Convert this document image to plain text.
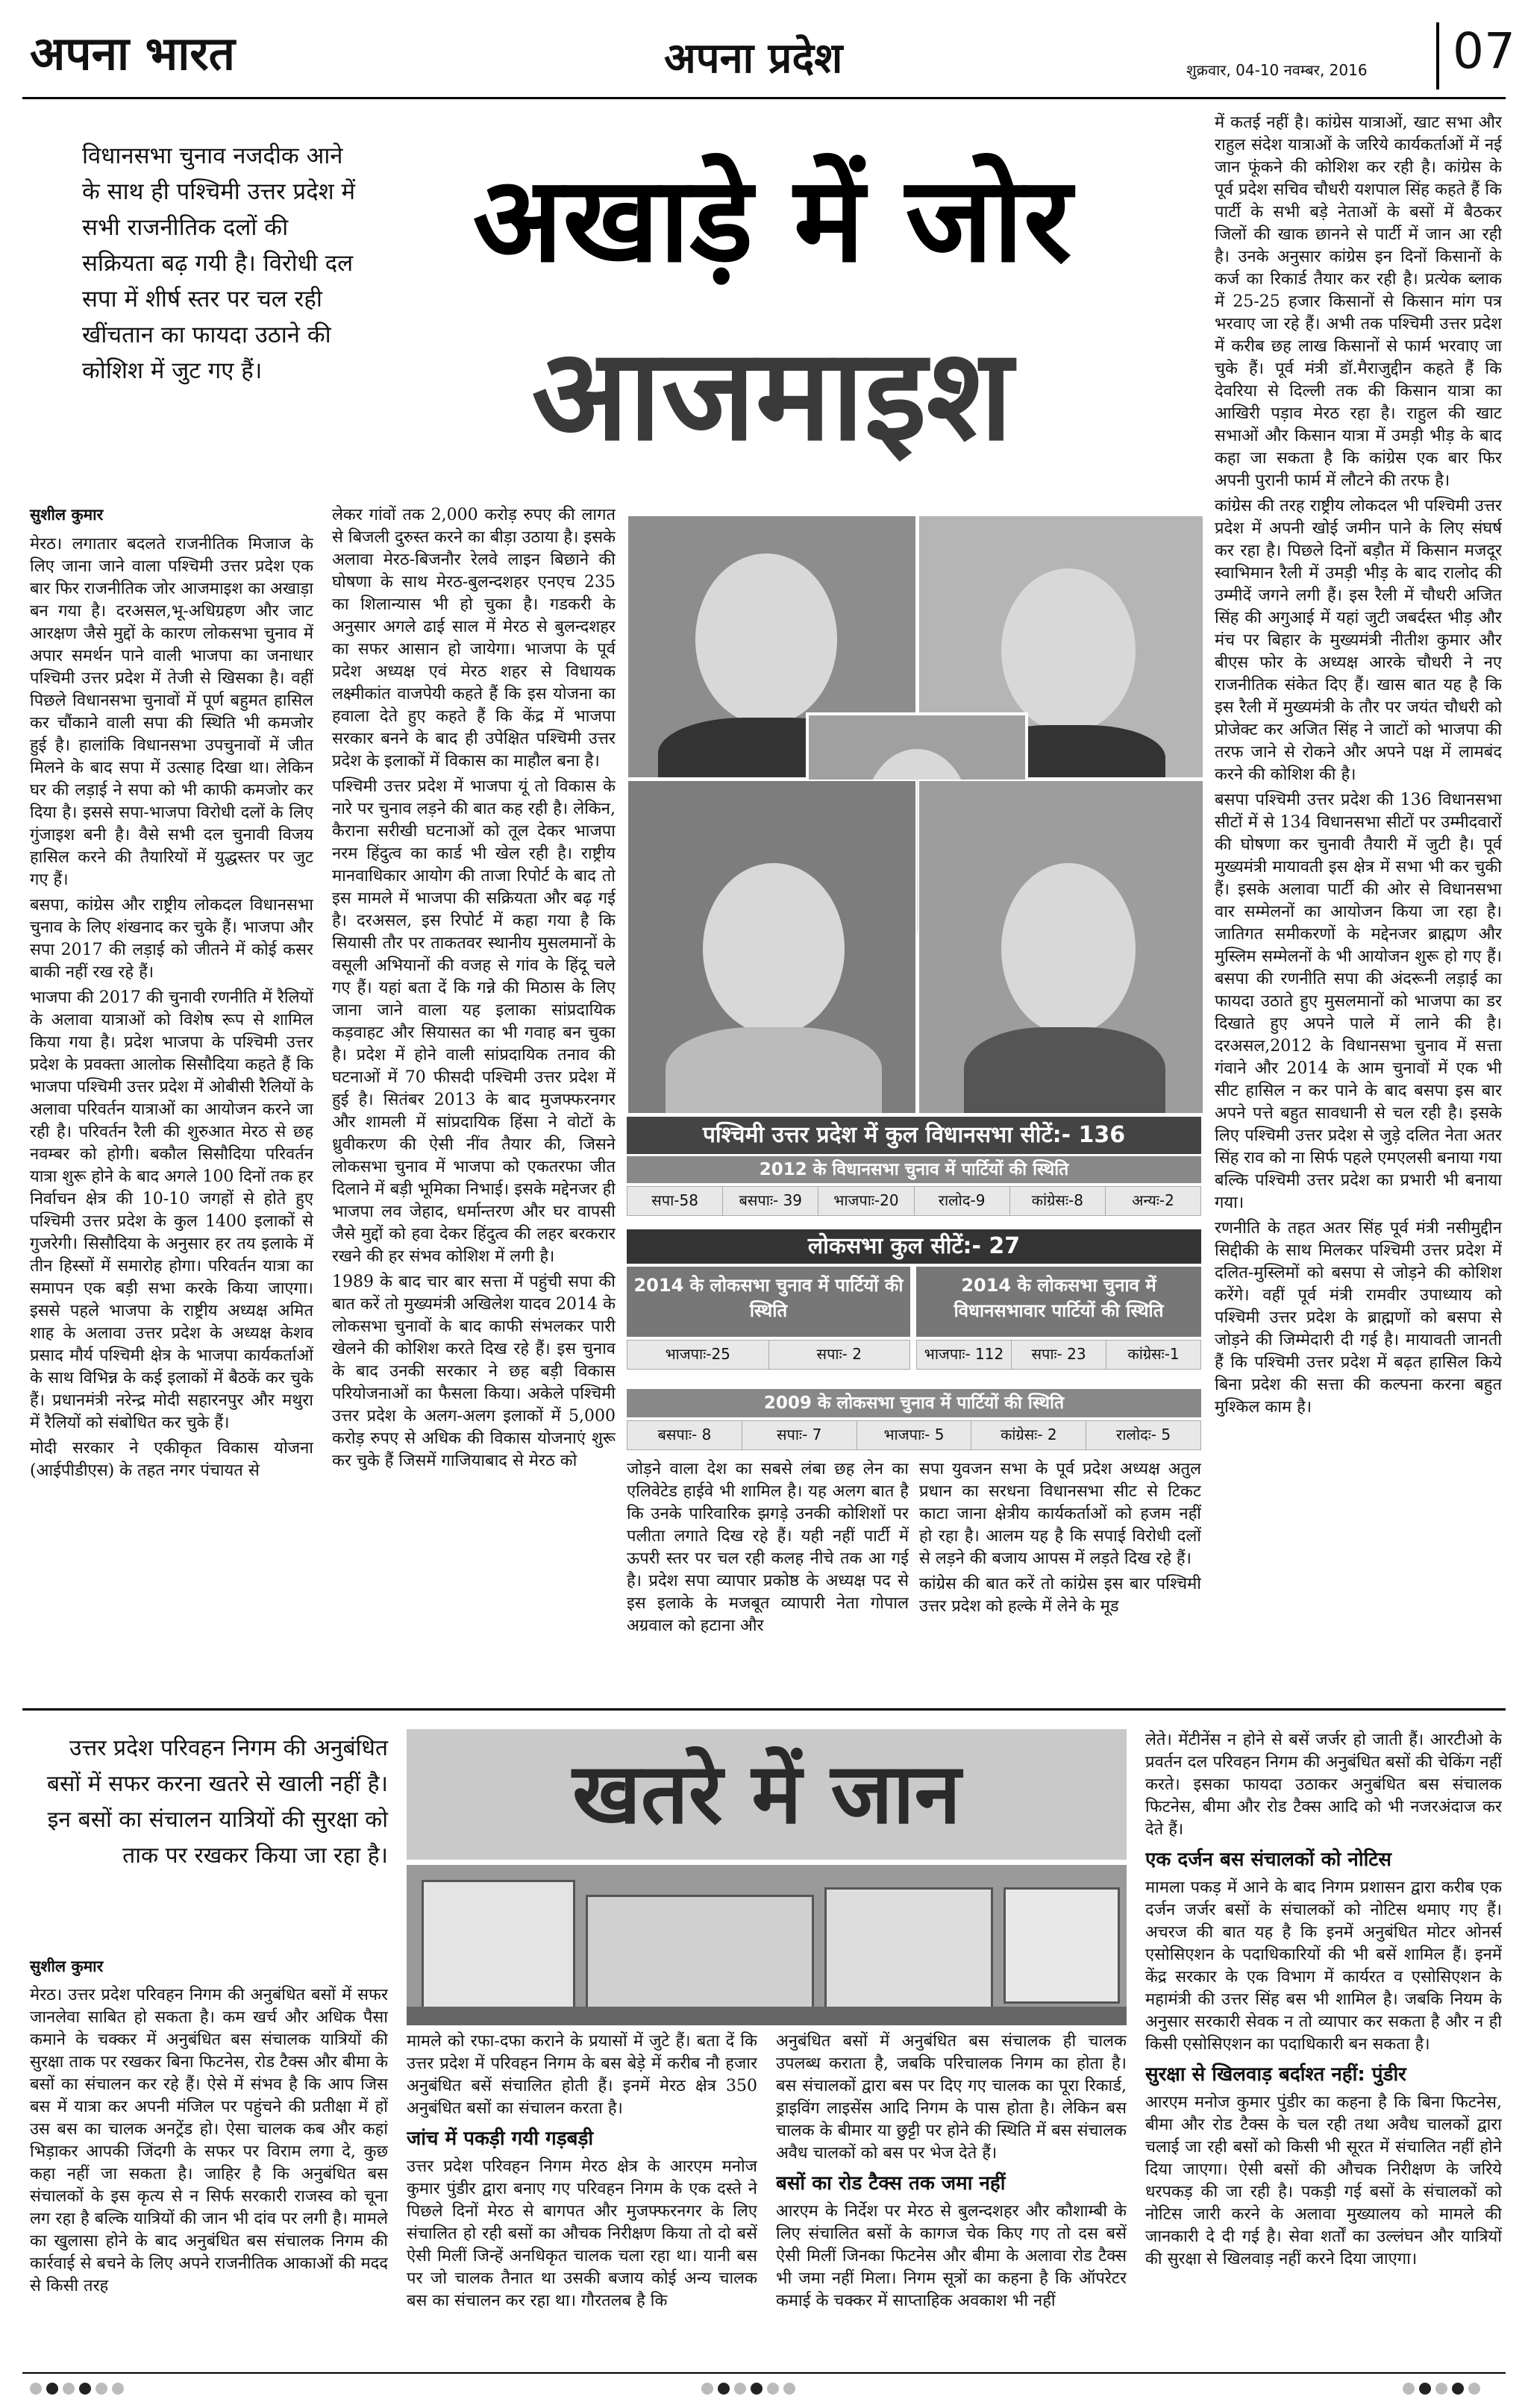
अपना भारत	अपना प्रदेश	शुक्रवार, 04-10 नवम्बर, 2016	07
विधानसभा चुनाव नजदीक आने के साथ ही पश्चिमी उत्तर प्रदेश में सभी राजनीतिक दलों की सक्रियता बढ़ गयी है। विरोधी दल सपा में शीर्ष स्तर पर चल रही खींचतान का फायदा उठाने की कोशिश में जुट गए हैं।
अखाड़े में जोर
आजमाइश
सुशील कुमार

मेरठ। लगातार बदलते राजनीतिक मिजाज के लिए जाना जाने वाला पश्चिमी उत्तर प्रदेश एक बार फिर राजनीतिक जोर आजमाइश का अखाड़ा बन गया है। दरअसल,भू-अधिग्रहण और जाट आरक्षण जैसे मुद्दों के कारण लोकसभा चुनाव में अपार समर्थन पाने वाली भाजपा का जनाधार पश्चिमी उत्तर प्रदेश में तेजी से खिसका है। वहीं पिछले विधानसभा चुनावों में पूर्ण बहुमत हासिल कर चौंकाने वाली सपा की स्थिति भी कमजोर हुई है। हालांकि विधानसभा उपचुनावों में जीत मिलने के बाद सपा में उत्साह दिखा था। लेकिन घर की लड़ाई ने सपा को भी काफी कमजोर कर दिया है। इससे सपा-भाजपा विरोधी दलों के लिए गुंजाइश बनी है। वैसे सभी दल चुनावी विजय हासिल करने की तैयारियों में युद्धस्तर पर जुट गए हैं।

बसपा, कांग्रेस और राष्ट्रीय लोकदल विधानसभा चुनाव के लिए शंखनाद कर चुके हैं। भाजपा और सपा 2017 की लड़ाई को जीतने में कोई कसर बाकी नहीं रख रहे हैं।

भाजपा की 2017 की चुनावी रणनीति में रैलियों के अलावा यात्राओं को विशेष रूप से शामिल किया गया है। प्रदेश भाजपा के पश्चिमी उत्तर प्रदेश के प्रवक्ता आलोक सिसौदिया कहते हैं कि भाजपा पश्चिमी उत्तर प्रदेश में ओबीसी रैलियों के अलावा परिवर्तन यात्राओं का आयोजन करने जा रही है। परिवर्तन रैली की शुरुआत मेरठ से छह नवम्बर को होगी। बकौल सिसौदिया परिवर्तन यात्रा शुरू होने के बाद अगले 100 दिनों तक हर निर्वाचन क्षेत्र की 10-10 जगहों से होते हुए पश्चिमी उत्तर प्रदेश के कुल 1400 इलाकों से गुजरेगी। सिसौदिया के अनुसार हर तय इलाके में तीन हिस्सों में समारोह होगा। परिवर्तन यात्रा का समापन एक बड़ी सभा करके किया जाएगा। इससे पहले भाजपा के राष्ट्रीय अध्यक्ष अमित शाह के अलावा उत्तर प्रदेश के अध्यक्ष केशव प्रसाद मौर्य पश्चिमी क्षेत्र के भाजपा कार्यकर्ताओं के साथ विभिन्न के कई इलाकों में बैठकें कर चुके हैं। प्रधानमंत्री नरेन्द्र मोदी सहारनपुर और मथुरा में रैलियों को संबोधित कर चुके हैं।

मोदी सरकार ने एकीकृत विकास योजना (आईपीडीएस) के तहत नगर पंचायत से

लेकर गांवों तक 2,000 करोड़ रुपए की लागत से बिजली दुरुस्त करने का बीड़ा उठाया है। इसके अलावा मेरठ-बिजनौर रेलवे लाइन बिछाने की घोषणा के साथ मेरठ-बुलन्दशहर एनएच 235 का शिलान्यास भी हो चुका है। गडकरी के अनुसार अगले ढाई साल में मेरठ से बुलन्दशहर का सफर आसान हो जायेगा। भाजपा के पूर्व प्रदेश अध्यक्ष एवं मेरठ शहर से विधायक लक्ष्मीकांत वाजपेयी कहते हैं कि इस योजना का हवाला देते हुए कहते हैं कि केंद्र में भाजपा सरकार बनने के बाद ही उपेक्षित पश्चिमी उत्तर प्रदेश के इलाकों में विकास का माहौल बना है।

पश्चिमी उत्तर प्रदेश में भाजपा यूं तो विकास के नारे पर चुनाव लड़ने की बात कह रही है। लेकिन, कैराना सरीखी घटनाओं को तूल देकर भाजपा नरम हिंदुत्व का कार्ड भी खेल रही है। राष्ट्रीय मानवाधिकार आयोग की ताजा रिपोर्ट के बाद तो इस मामले में भाजपा की सक्रियता और बढ़ गई है। दरअसल, इस रिपोर्ट में कहा गया है कि सियासी तौर पर ताकतवर स्थानीय मुसलमानों के वसूली अभियानों की वजह से गांव के हिंदू चले गए हैं। यहां बता दें कि गन्ने की मिठास के लिए जाना जाने वाला यह इलाका सांप्रदायिक कड़वाहट और सियासत का भी गवाह बन चुका है। प्रदेश में होने वाली सांप्रदायिक तनाव की घटनाओं में 70 फीसदी पश्चिमी उत्तर प्रदेश में हुई है। सितंबर 2013 के बाद मुजफ्फरनगर और शामली में सांप्रदायिक हिंसा ने वोटों के ध्रुवीकरण की ऐसी नींव तैयार की, जिसने लोकसभा चुनाव में भाजपा को एकतरफा जीत दिलाने में बड़ी भूमिका निभाई। इसके मद्देनजर ही भाजपा लव जेहाद, धर्मान्तरण और घर वापसी जैसे मुद्दों को हवा देकर हिंदुत्व की लहर बरकरार रखने की हर संभव कोशिश में लगी है।

1989 के बाद चार बार सत्ता में पहुंची सपा की बात करें तो मुख्यमंत्री अखिलेश यादव 2014 के लोकसभा चुनावों के बाद काफी संभलकर पारी खेलने की कोशिश करते दिख रहे हैं। इस चुनाव के बाद उनकी सरकार ने छह बड़ी विकास परियोजनाओं का फैसला किया। अकेले पश्चिमी उत्तर प्रदेश के अलग-अलग इलाकों में 5,000 करोड़ रुपए से अधिक की विकास योजनाएं शुरू कर चुके हैं जिसमें गाजियाबाद से मेरठ को

पश्चिमी उत्तर प्रदेश में कुल विधानसभा सीटें:- 136
2012 के विधानसभा चुनाव में पार्टियों की स्थिति
सपा-58	बसपाः- 39	भाजपाः-20	रालोद-9	कांग्रेसः-8	अन्यः-2
लोकसभा कुल सीटें:- 27
2014 के लोकसभा चुनाव में पार्टियों की स्थिति
2014 के लोकसभा चुनाव में विधानसभावार पार्टियों की स्थिति
भाजपाः-25	सपाः- 2	भाजपाः- 112	सपाः- 23	कांग्रेसः-1
2009 के लोकसभा चुनाव में पार्टियों की स्थिति
बसपाः- 8	सपाः- 7	भाजपाः- 5	कांग्रेसः- 2	रालोदः- 5

जोड़ने वाला देश का सबसे लंबा छह लेन का एलिवेटेड हाईवे भी शामिल है। यह अलग बात है कि उनके पारिवारिक झगड़े उनकी कोशिशों पर पलीता लगाते दिख रहे हैं। यही नहीं पार्टी में ऊपरी स्तर पर चल रही कलह नीचे तक आ गई है। प्रदेश सपा व्यापार प्रकोष्ठ के अध्यक्ष पद से इस इलाके के मजबूत व्यापारी नेता गोपाल अग्रवाल को हटाना और

सपा युवजन सभा के पूर्व प्रदेश अध्यक्ष अतुल प्रधान का सरधना विधानसभा सीट से टिकट काटा जाना क्षेत्रीय कार्यकर्ताओं को हजम नहीं हो रहा है। आलम यह है कि सपाई विरोधी दलों से लड़ने की बजाय आपस में लड़ते दिख रहे हैं।

कांग्रेस की बात करें तो कांग्रेस इस बार पश्चिमी उत्तर प्रदेश को हल्के में लेने के मूड

में कतई नहीं है। कांग्रेस यात्राओं, खाट सभा और राहुल संदेश यात्राओं के जरिये कार्यकर्ताओं में नई जान फूंकने की कोशिश कर रही है। कांग्रेस के पूर्व प्रदेश सचिव चौधरी यशपाल सिंह कहते हैं कि पार्टी के सभी बड़े नेताओं के बसों में बैठकर जिलों की खाक छानने से पार्टी में जान आ रही है। उनके अनुसार कांग्रेस इन दिनों किसानों के कर्ज का रिकार्ड तैयार कर रही है। प्रत्येक ब्लाक में 25-25 हजार किसानों से किसान मांग पत्र भरवाए जा रहे हैं। अभी तक पश्चिमी उत्तर प्रदेश में करीब छह लाख किसानों से फार्म भरवाए जा चुके हैं। पूर्व मंत्री डॉ.मैराजुद्दीन कहते हैं कि देवरिया से दिल्ली तक की किसान यात्रा का आखिरी पड़ाव मेरठ रहा है। राहुल की खाट सभाओं और किसान यात्रा में उमड़ी भीड़ के बाद कहा जा सकता है कि कांग्रेस एक बार फिर अपनी पुरानी फार्म में लौटने की तरफ है।

कांग्रेस की तरह राष्ट्रीय लोकदल भी पश्चिमी उत्तर प्रदेश में अपनी खोई जमीन पाने के लिए संघर्ष कर रहा है। पिछले दिनों बड़ौत में किसान मजदूर स्वाभिमान रैली में उमड़ी भीड़ के बाद रालोद की उम्मीदें जगने लगी हैं। इस रैली में चौधरी अजित सिंह की अगुआई में यहां जुटी जबर्दस्त भीड़ और मंच पर बिहार के मुख्यमंत्री नीतीश कुमार और बीएस फोर के अध्यक्ष आरके चौधरी ने नए राजनीतिक संकेत दिए हैं। खास बात यह है कि इस रैली में मुख्यमंत्री के तौर पर जयंत चौधरी को प्रोजेक्ट कर अजित सिंह ने जाटों को भाजपा की तरफ जाने से रोकने और अपने पक्ष में लामबंद करने की कोशिश की है।

बसपा पश्चिमी उत्तर प्रदेश की 136 विधानसभा सीटों में से 134 विधानसभा सीटों पर उम्मीदवारों की घोषणा कर चुनावी तैयारी में जुटी है। पूर्व मुख्यमंत्री मायावती इस क्षेत्र में सभा भी कर चुकी हैं। इसके अलावा पार्टी की ओर से विधानसभा वार सम्मेलनों का आयोजन किया जा रहा है। जातिगत समीकरणों के मद्देनजर ब्राह्मण और मुस्लिम सम्मेलनों के भी आयोजन शुरू हो गए हैं। बसपा की रणनीति सपा की अंदरूनी लड़ाई का फायदा उठाते हुए मुसलमानों को भाजपा का डर दिखाते हुए अपने पाले में लाने की है। दरअसल,2012 के विधानसभा चुनाव में सत्ता गंवाने और 2014 के आम चुनावों में एक भी सीट हासिल न कर पाने के बाद बसपा इस बार अपने पत्ते बहुत सावधानी से चल रही है। इसके लिए पश्चिमी उत्तर प्रदेश से जुड़े दलित नेता अतर सिंह राव को ना सिर्फ पहले एमएलसी बनाया गया बल्कि पश्चिमी उत्तर प्रदेश का प्रभारी भी बनाया गया।

रणनीति के तहत अतर सिंह पूर्व मंत्री नसीमुद्दीन सिद्दीकी के साथ मिलकर पश्चिमी उत्तर प्रदेश में दलित-मुस्लिमों को बसपा से जोड़ने की कोशिश करेंगे। वहीं पूर्व मंत्री रामवीर उपाध्याय को पश्चिमी उत्तर प्रदेश के ब्राह्मणों को बसपा से जोड़ने की जिम्मेदारी दी गई है। मायावती जानती हैं कि पश्चिमी उत्तर प्रदेश में बढ़त हासिल किये बिना प्रदेश की सत्ता की कल्पना करना बहुत मुश्किल काम है।

उत्तर प्रदेश परिवहन निगम की अनुबंधित बसों में सफर करना खतरे से खाली नहीं है। इन बसों का संचालन यात्रियों की सुरक्षा को ताक पर रखकर किया जा रहा है।
खतरे में जान
सुशील कुमार

मेरठ। उत्तर प्रदेश परिवहन निगम की अनुबंधित बसों में सफर जानलेवा साबित हो सकता है। कम खर्च और अधिक पैसा कमाने के चक्कर में अनुबंधित बस संचालक यात्रियों की सुरक्षा ताक पर रखकर बिना फिटनेस, रोड टैक्स और बीमा के बसों का संचालन कर रहे हैं। ऐसे में संभव है कि आप जिस बस में यात्रा कर अपनी मंजिल पर पहुंचने की प्रतीक्षा में हों उस बस का चालक अनट्रेंड हो। ऐसा चालक कब और कहां भिड़ाकर आपकी जिंदगी के सफर पर विराम लगा दे, कुछ कहा नहीं जा सकता है। जाहिर है कि अनुबंधित बस संचालकों के इस कृत्य से न सिर्फ सरकारी राजस्व को चूना लग रहा है बल्कि यात्रियों की जान भी दांव पर लगी है। मामले का खुलासा होने के बाद अनुबंधित बस संचालक निगम की कार्रवाई से बचने के लिए अपने राजनीतिक आकाओं की मदद से किसी तरह

मामले को रफा-दफा कराने के प्रयासों में जुटे हैं। बता दें कि उत्तर प्रदेश में परिवहन निगम के बस बेड़े में करीब नौ हजार अनुबंधित बसें संचालित होती हैं। इनमें मेरठ क्षेत्र 350 अनुबंधित बसों का संचालन करता है।

जांच में पकड़ी गयी गड़बड़ी

उत्तर प्रदेश परिवहन निगम मेरठ क्षेत्र के आरएम मनोज कुमार पुंडीर द्वारा बनाए गए परिवहन निगम के एक दस्ते ने पिछले दिनों मेरठ से बागपत और मुजफ्फरनगर के लिए संचालित हो रही बसों का औचक निरीक्षण किया तो दो बसें ऐसी मिलीं जिन्हें अनधिकृत चालक चला रहा था। यानी बस पर जो चालक तैनात था उसकी बजाय कोई अन्य चालक बस का संचालन कर रहा था। गौरतलब है कि

अनुबंधित बसों में अनुबंधित बस संचालक ही चालक उपलब्ध कराता है, जबकि परिचालक निगम का होता है। बस संचालकों द्वारा बस पर दिए गए चालक का पूरा रिकार्ड, ड्राइविंग लाइसेंस आदि निगम के पास होता है। लेकिन बस चालक के बीमार या छुट्टी पर होने की स्थिति में बस संचालक अवैध चालकों को बस पर भेज देते हैं।

बसों का रोड टैक्स तक जमा नहीं

आरएम के निर्देश पर मेरठ से बुलन्दशहर और कौशाम्बी के लिए संचालित बसों के कागज चेक किए गए तो दस बसें ऐसी मिलीं जिनका फिटनेस और बीमा के अलावा रोड टैक्स भी जमा नहीं मिला। निगम सूत्रों का कहना है कि ऑपरेटर कमाई के चक्कर में साप्ताहिक अवकाश भी नहीं

लेते। मेंटीनेंस न होने से बसें जर्जर हो जाती हैं। आरटीओ के प्रवर्तन दल परिवहन निगम की अनुबंधित बसों की चेकिंग नहीं करते। इसका फायदा उठाकर अनुबंधित बस संचालक फिटनेस, बीमा और रोड टैक्स आदि को भी नजरअंदाज कर देते हैं।

एक दर्जन बस संचालकों को नोटिस

मामला पकड़ में आने के बाद निगम प्रशासन द्वारा करीब एक दर्जन जर्जर बसों के संचालकों को नोटिस थमाए गए हैं। अचरज की बात यह है कि इनमें अनुबंधित मोटर ओनर्स एसोसिएशन के पदाधिकारियों की भी बसें शामिल हैं। इनमें केंद्र सरकार के एक विभाग में कार्यरत व एसोसिएशन के महामंत्री की उत्तर सिंह बस भी शामिल है। जबकि नियम के अनुसार सरकारी सेवक न तो व्यापार कर सकता है और न ही किसी एसोसिएशन का पदाधिकारी बन सकता है।

सुरक्षा से खिलवाड़ बर्दाश्त नहीं: पुंडीर

आरएम मनोज कुमार पुंडीर का कहना है कि बिना फिटनेस, बीमा और रोड टैक्स के चल रही तथा अवैध चालकों द्वारा चलाई जा रही बसों को किसी भी सूरत में संचालित नहीं होने दिया जाएगा। ऐसी बसों की औचक निरीक्षण के जरिये धरपकड़ की जा रही है। पकड़ी गई बसों के संचालकों को नोटिस जारी करने के अलावा मुख्यालय को मामले की जानकारी दे दी गई है। सेवा शर्तों का उल्लंघन और यात्रियों की सुरक्षा से खिलवाड़ नहीं करने दिया जाएगा।
